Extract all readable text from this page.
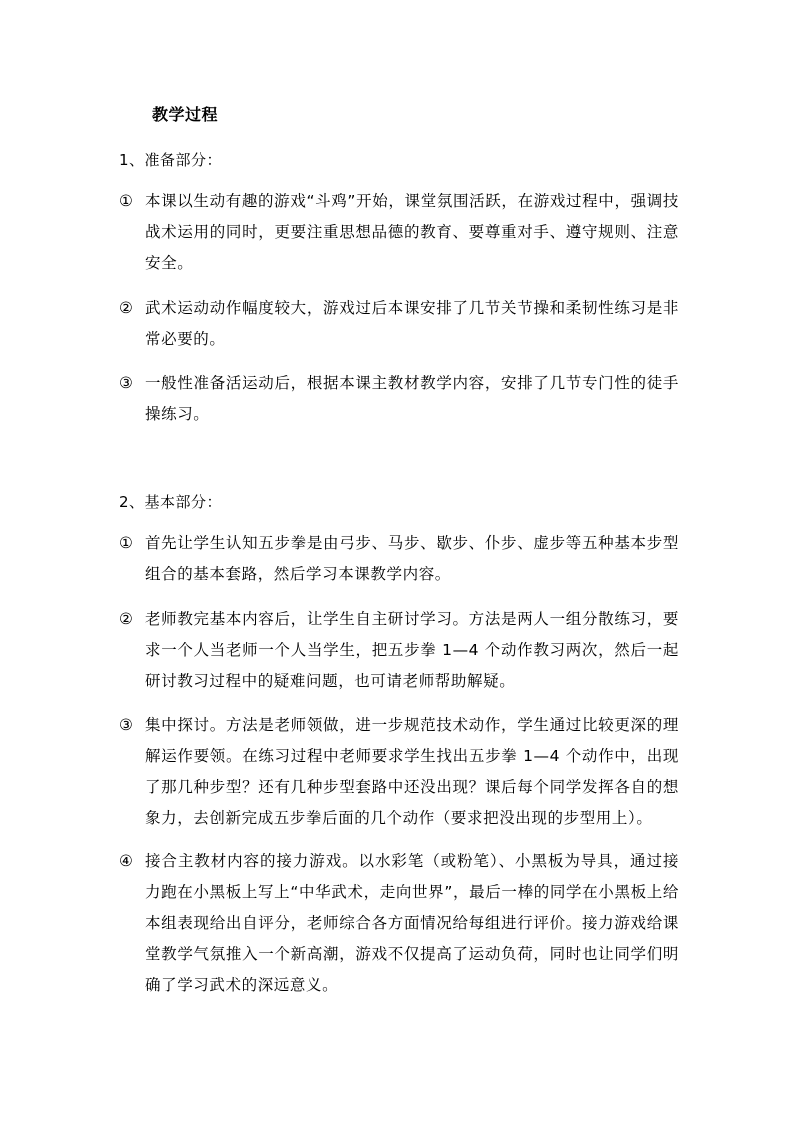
教学过程
1、准备部分：
① 本课以生动有趣的游戏“斗鸡”开始，课堂氛围活跃，在游戏过程中，强调技战术运用的同时，更要注重思想品德的教育、要尊重对手、遵守规则、注意安全。
② 武术运动动作幅度较大，游戏过后本课安排了几节关节操和柔韧性练习是非常必要的。
③ 一般性准备活运动后，根据本课主教材教学内容，安排了几节专门性的徒手操练习。
2、基本部分：
① 首先让学生认知五步拳是由弓步、马步、歇步、仆步、虚步等五种基本步型组合的基本套路，然后学习本课教学内容。
② 老师教完基本内容后，让学生自主研讨学习。方法是两人一组分散练习，要求一个人当老师一个人当学生，把五步拳 1—4 个动作教习两次，然后一起研讨教习过程中的疑难问题，也可请老师帮助解疑。
③ 集中探讨。方法是老师领做，进一步规范技术动作，学生通过比较更深的理解运作要领。在练习过程中老师要求学生找出五步拳 1—4 个动作中，出现了那几种步型？还有几种步型套路中还没出现？课后每个同学发挥各自的想象力，去创新完成五步拳后面的几个动作（要求把没出现的步型用上）。
④ 接合主教材内容的接力游戏。以水彩笔（或粉笔）、小黑板为导具，通过接力跑在小黑板上写上“中华武术，走向世界”，最后一棒的同学在小黑板上给本组表现给出自评分，老师综合各方面情况给每组进行评价。接力游戏给课堂教学气氛推入一个新高潮，游戏不仅提高了运动负荷，同时也让同学们明确了学习武术的深远意义。
